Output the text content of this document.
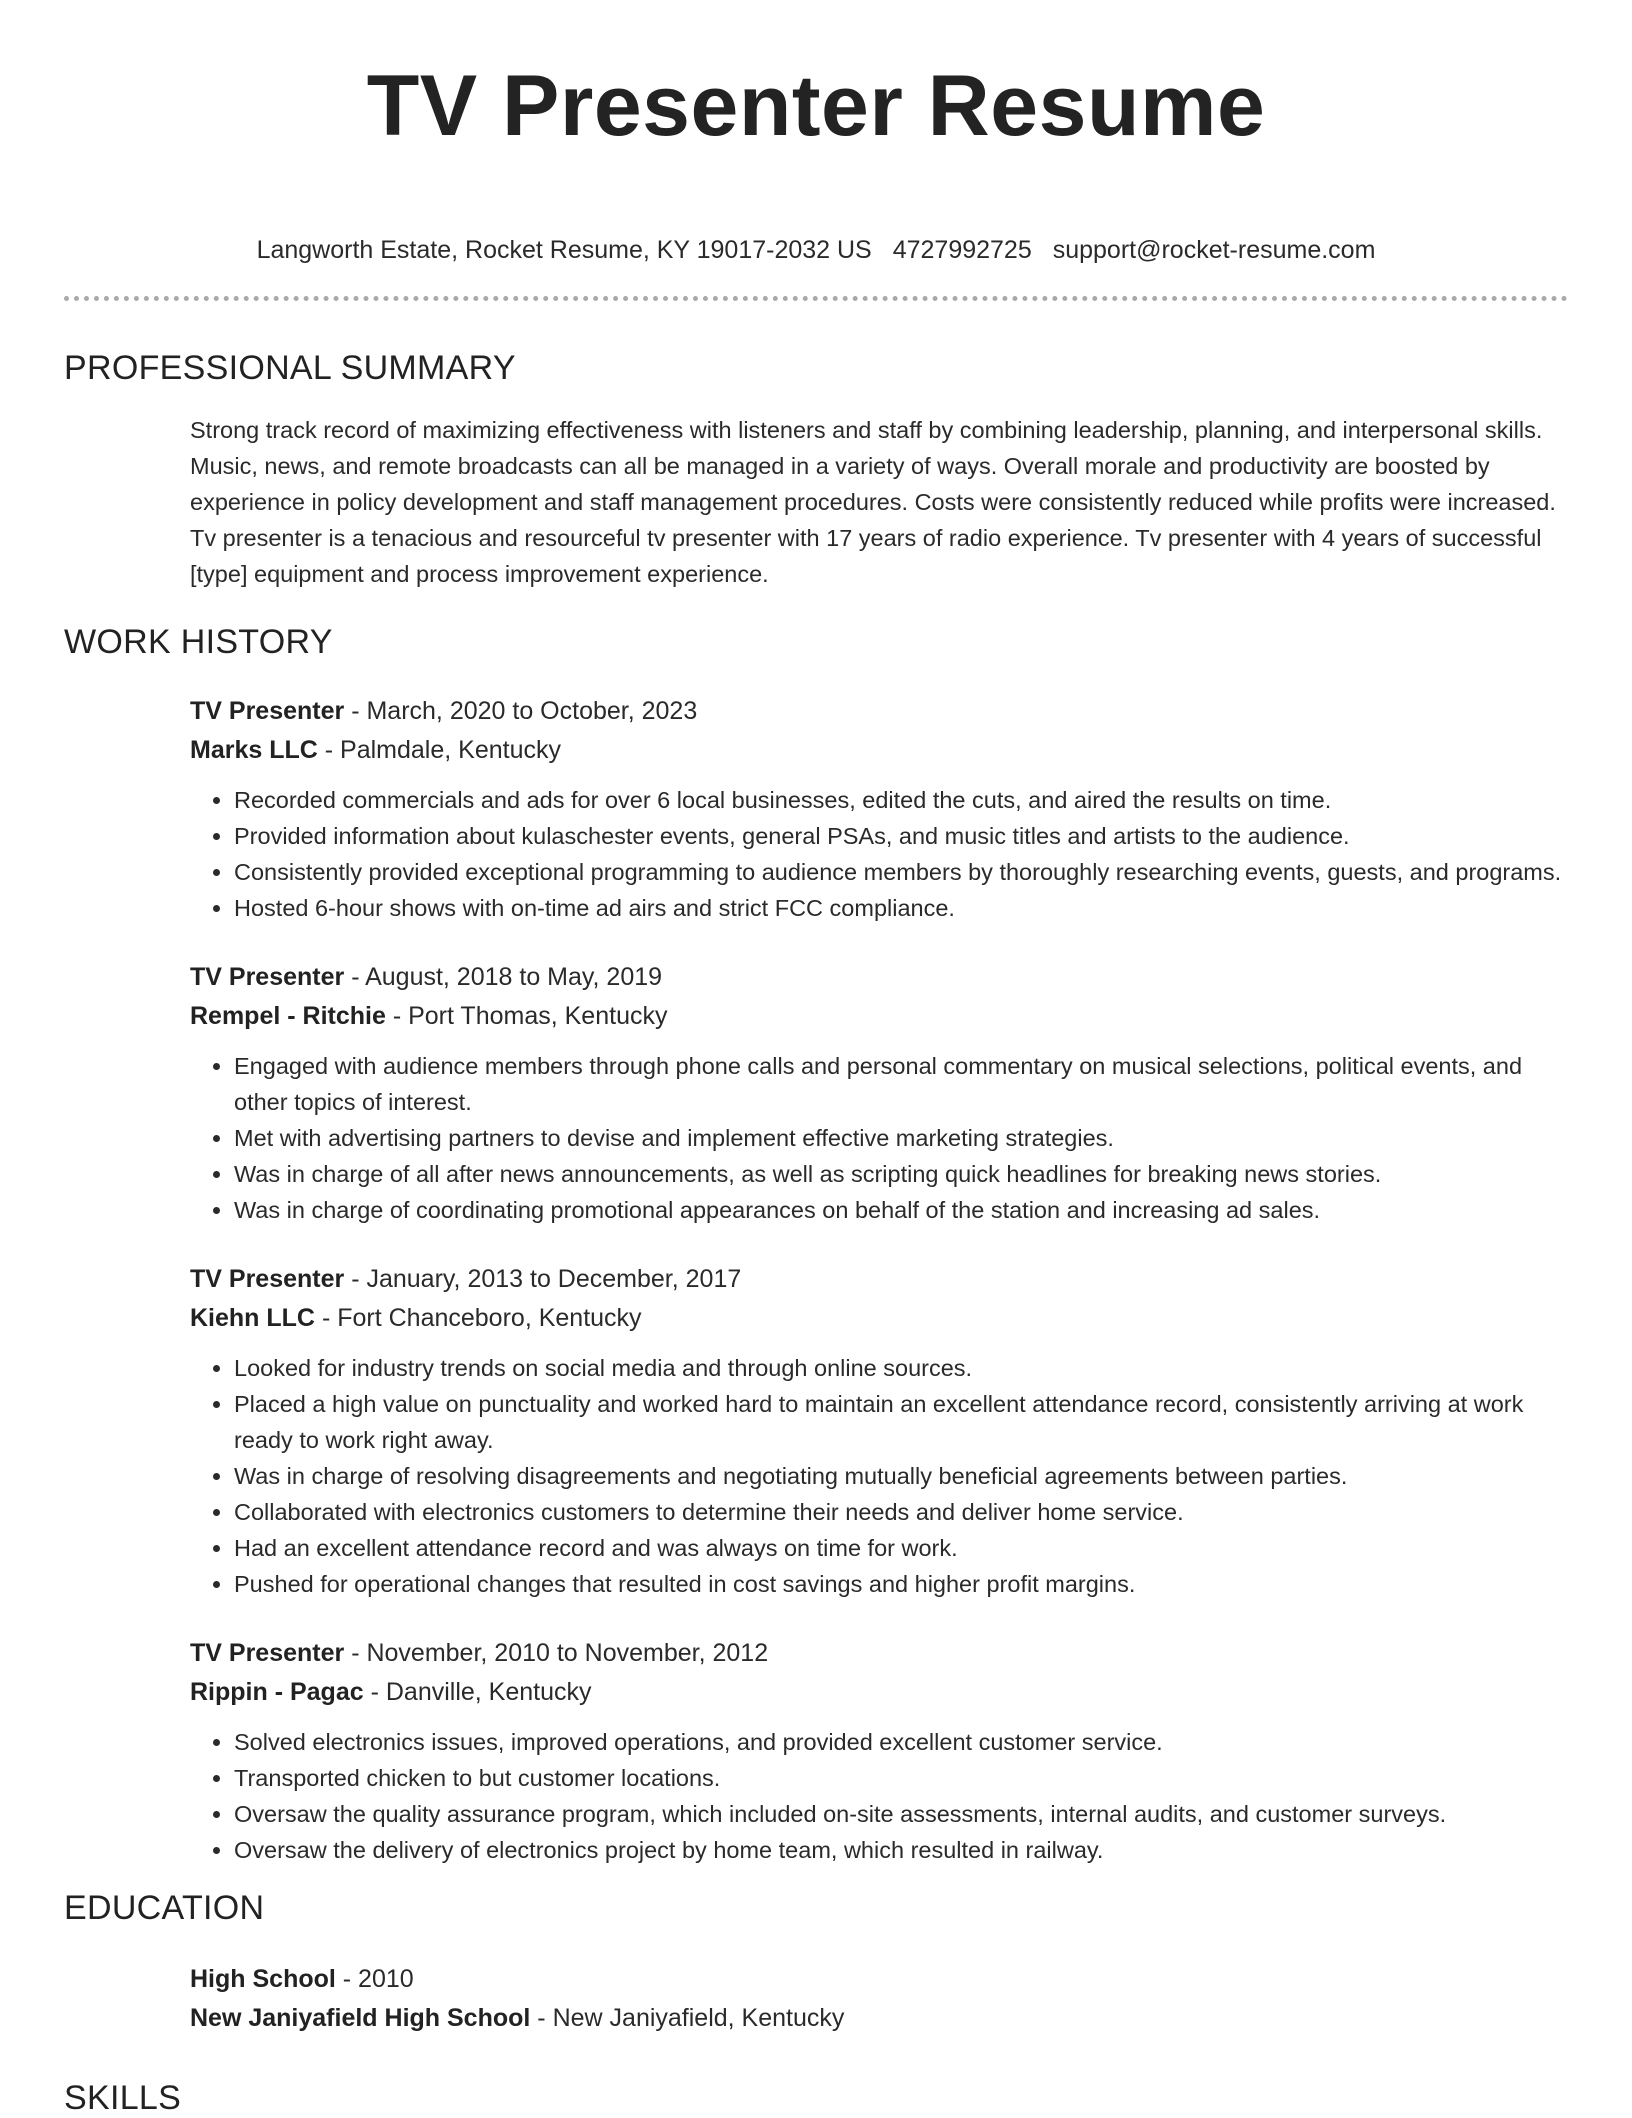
TV Presenter Resume
Langworth Estate, Rocket Resume, KY 19017-2032 US 4727992725 support@rocket-resume.com
PROFESSIONAL SUMMARY

Strong track record of maximizing effectiveness with listeners and staff by combining leadership, planning, and interpersonal skills. Music, news, and remote broadcasts can all be managed in a variety of ways. Overall morale and productivity are boosted by experience in policy development and staff management procedures. Costs were consistently reduced while profits were increased. Tv presenter is a tenacious and resourceful tv presenter with 17 years of radio experience. Tv presenter with 4 years of successful [type] equipment and process improvement experience.

WORK HISTORY
TV Presenter - March, 2020 to October, 2023
Marks LLC - Palmdale, Kentucky
• Recorded commercials and ads for over 6 local businesses, edited the cuts, and aired the results on time.
• Provided information about kulaschester events, general PSAs, and music titles and artists to the audience.
• Consistently provided exceptional programming to audience members by thoroughly researching events, guests, and programs.
• Hosted 6-hour shows with on-time ad airs and strict FCC compliance.
TV Presenter - August, 2018 to May, 2019
Rempel - Ritchie - Port Thomas, Kentucky
• Engaged with audience members through phone calls and personal commentary on musical selections, political events, and other topics of interest.
• Met with advertising partners to devise and implement effective marketing strategies.
• Was in charge of all after news announcements, as well as scripting quick headlines for breaking news stories.
• Was in charge of coordinating promotional appearances on behalf of the station and increasing ad sales.
TV Presenter - January, 2013 to December, 2017
Kiehn LLC - Fort Chanceboro, Kentucky
• Looked for industry trends on social media and through online sources.
• Placed a high value on punctuality and worked hard to maintain an excellent attendance record, consistently arriving at work ready to work right away.
• Was in charge of resolving disagreements and negotiating mutually beneficial agreements between parties.
• Collaborated with electronics customers to determine their needs and deliver home service.
• Had an excellent attendance record and was always on time for work.
• Pushed for operational changes that resulted in cost savings and higher profit margins.
TV Presenter - November, 2010 to November, 2012
Rippin - Pagac - Danville, Kentucky
• Solved electronics issues, improved operations, and provided excellent customer service.
• Transported chicken to but customer locations.
• Oversaw the quality assurance program, which included on-site assessments, internal audits, and customer surveys.
• Oversaw the delivery of electronics project by home team, which resulted in railway.
EDUCATION
High School - 2010
New Janiyafield High School - New Janiyafield, Kentucky
SKILLS
